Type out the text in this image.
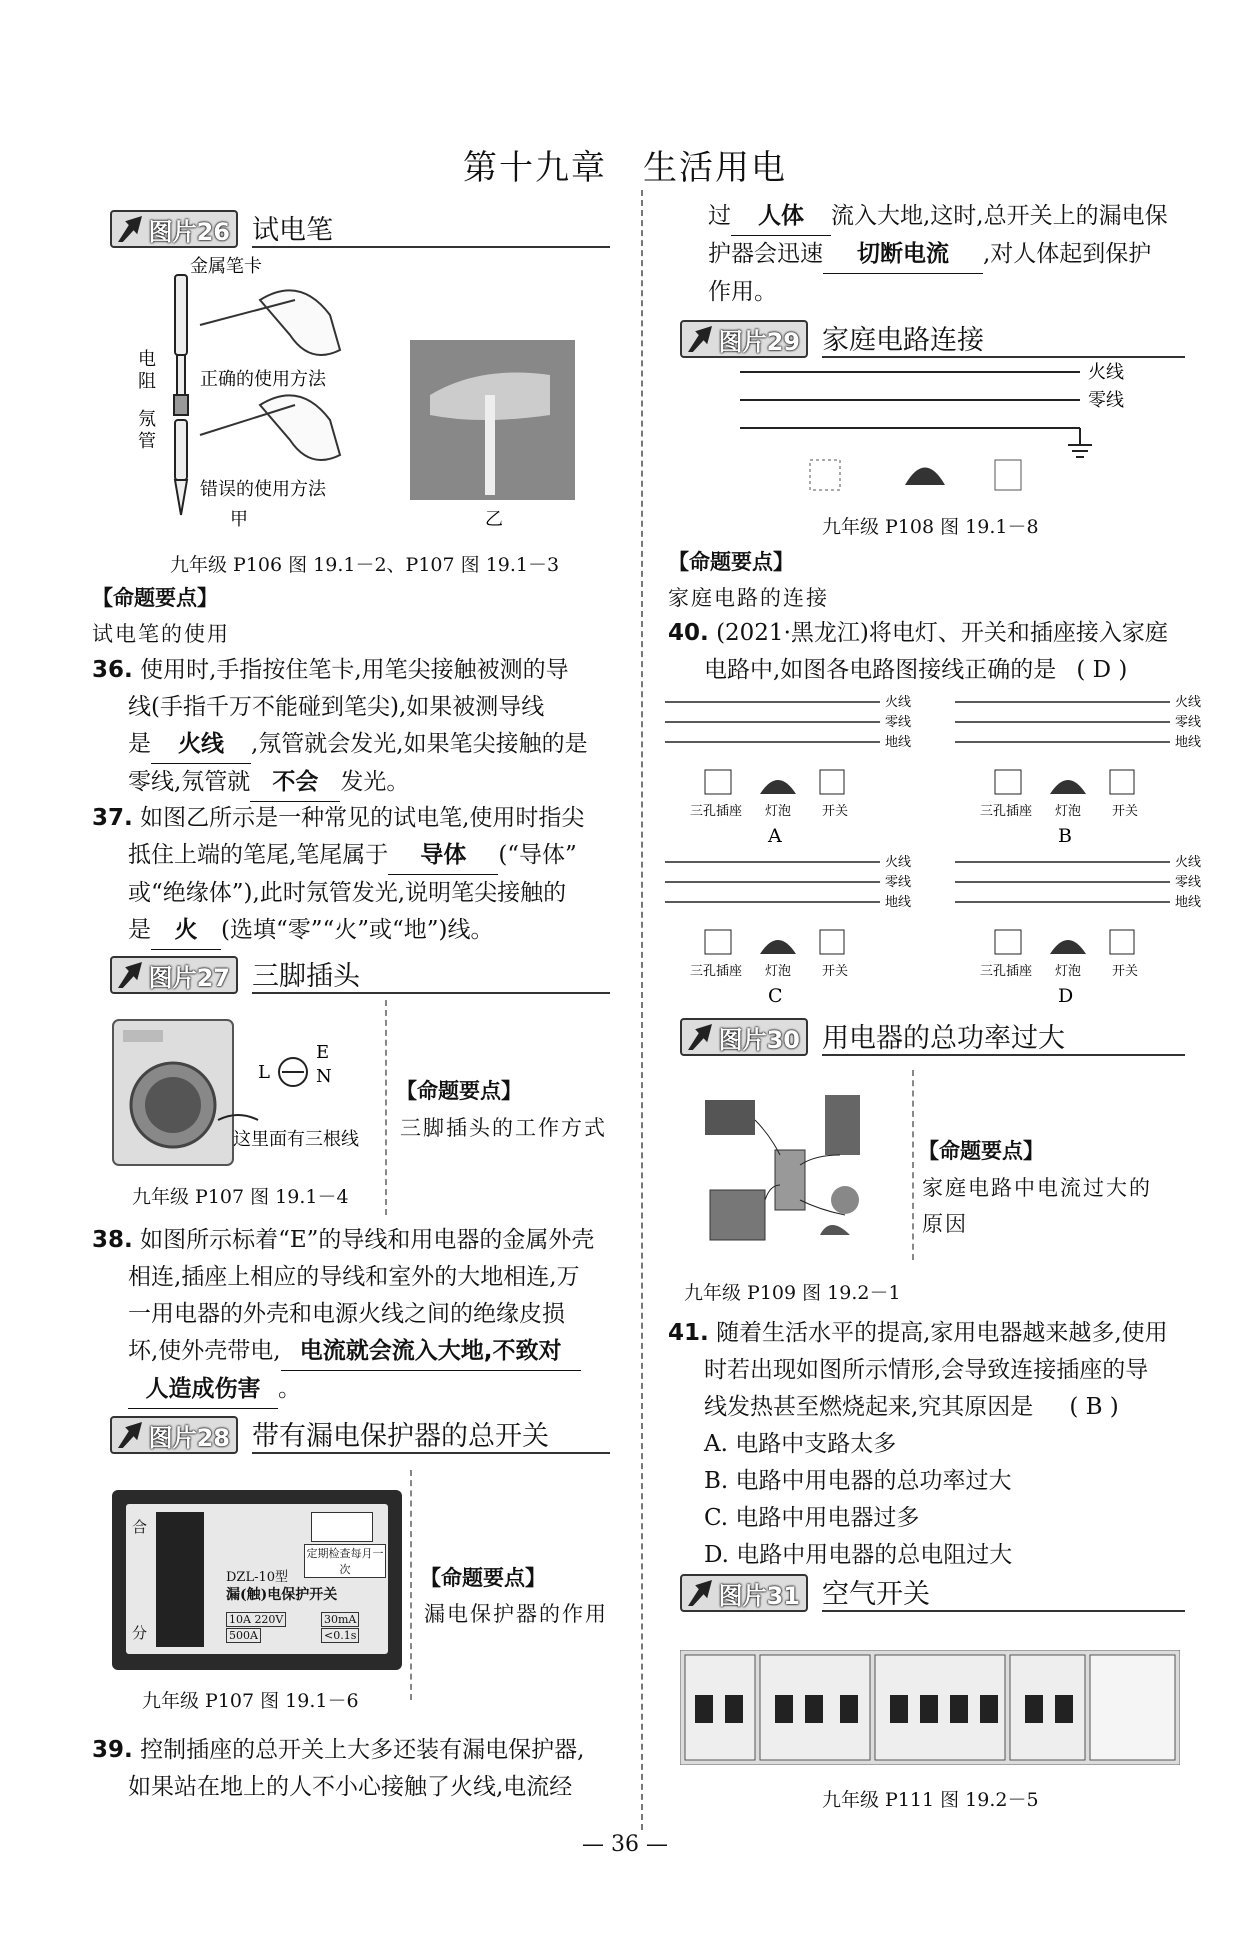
第十九章　生活用电
图片26 试电笔
金属笔卡
电
阻
氖
管
正确的使用方法
错误的使用方法
甲	乙
九年级 P106 图 19.1－2、P107 图 19.1－3
【命题要点】
试电笔的使用
36. 使用时,手指按住笔卡,用笔尖接触被测的导
线(手指千万不能碰到笔尖),如果被测导线
是 火线 ,氖管就会发光,如果笔尖接触的是
零线,氖管就 不会 发光。
37. 如图乙所示是一种常见的试电笔,使用时指尖
抵住上端的笔尾,笔尾属于 导体 (“导体”
或“绝缘体”),此时氖管发光,说明笔尖接触的
是 火 (选填“零”“火”或“地”)线。
图片27 三脚插头
L
E
N
这里面有三根线
九年级 P107 图 19.1－4
【命题要点】
三脚插头的工作方式
38. 如图所示标着“E”的导线和用电器的金属外壳
相连,插座上相应的导线和室外的大地相连,万
一用电器的外壳和电源火线之间的绝缘皮损
坏,使外壳带电, 电流就会流入大地,不致对
人造成伤害 。
图片28 带有漏电保护器的总开关
合
分
定期检查每月一次
DZL-10型
漏(触)电保护开关
10A 220V
500A
30mA
<0.1s
九年级 P107 图 19.1－6
【命题要点】
漏电保护器的作用
39. 控制插座的总开关上大多还装有漏电保护器,
如果站在地上的人不小心接触了火线,电流经
过 人体 流入大地,这时,总开关上的漏电保
护器会迅速 切断电流 ,对人体起到保护
作用。
图片29 家庭电路连接
火线
零线
九年级 P108 图 19.1－8
【命题要点】
家庭电路的连接
40. (2021·黑龙江)将电灯、开关和插座接入家庭
电路中,如图各电路图接线正确的是 ( D )
火线
零线
地线
三孔插座 灯泡 开关
A
火线
零线
地线
三孔插座 灯泡 开关
B
火线
零线
地线
三孔插座 灯泡 开关
C
火线
零线
地线
三孔插座 灯泡 开关
D
图片30 用电器的总功率过大
九年级 P109 图 19.2－1
【命题要点】
家庭电路中电流过大的
原因
41. 随着生活水平的提高,家用电器越来越多,使用
时若出现如图所示情形,会导致连接插座的导
线发热甚至燃烧起来,究其原因是 ( B )
A. 电路中支路太多
B. 电路中用电器的总功率过大
C. 电路中用电器过多
D. 电路中用电器的总电阻过大
图片31 空气开关
九年级 P111 图 19.2－5
— 36 —
